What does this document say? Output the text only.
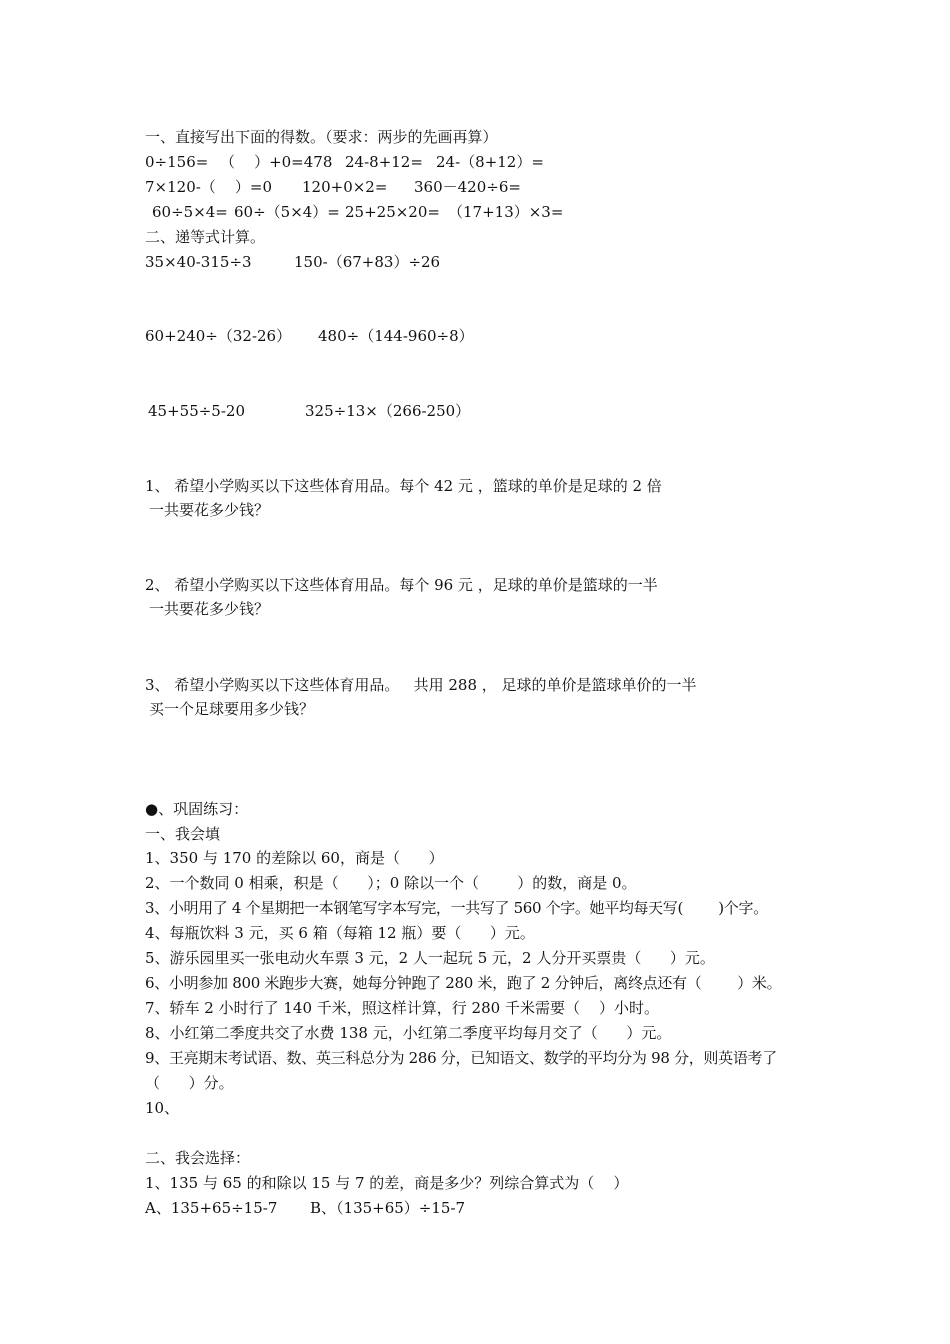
一、直接写出下面的得数。（要求：两步的先画再算）
0÷156= （    ）+0=478 24-8+12= 24-（8+12）=
7×120-（    ）=0 120+0×2= 360－420÷6=
60÷5×4= 60÷（5×4）= 25+25×20= （17+13）×3=
二、递等式计算。
35×40-315÷3	150-（67+83）÷26
60+240÷（32-26） 480÷（144-960÷8）
45+55÷5-20	325÷13×（266-250）
1、 希望小学购买以下这些体育用品。每个 42 元 ，篮球的单价是足球的 2 倍
一共要花多少钱？
2、 希望小学购买以下这些体育用品。每个 96 元 ，足球的单价是篮球的一半
一共要花多少钱？
3、 希望小学购买以下这些体育用品。   共用 288 ， 足球的单价是篮球单价的一半
买一个足球要用多少钱？
●、巩固练习：
一、我会填
1、350 与 170 的差除以 60，商是（      ）
2、一个数同 0 相乘，积是（      ）；0 除以一个（        ）的数，商是 0。
3、小明用了 4 个星期把一本钢笔写字本写完，一共写了 560 个字。她平均每天写(        )个字。
4、每瓶饮料 3 元，买 6 箱（每箱 12 瓶）要（      ）元。
5、游乐园里买一张电动火车票 3 元，2 人一起玩 5 元，2 人分开买票贵（      ）元。
6、小明参加 800 米跑步大赛，她每分钟跑了 280 米，跑了 2 分钟后，离终点还有（        ）米。
7、轿车 2 小时行了 140 千米，照这样计算，行 280 千米需要（    ）小时。
8、小红第二季度共交了水费 138 元，小红第二季度平均每月交了（      ）元。
9、王亮期末考试语、数、英三科总分为 286 分，已知语文、数学的平均分为 98 分，则英语考了
（      ）分。
10、
二、我会选择：
1、135 与 65 的和除以 15 与 7 的差，商是多少？列综合算式为（    ）
A、135+65÷15-7 B、（135+65）÷15-7
